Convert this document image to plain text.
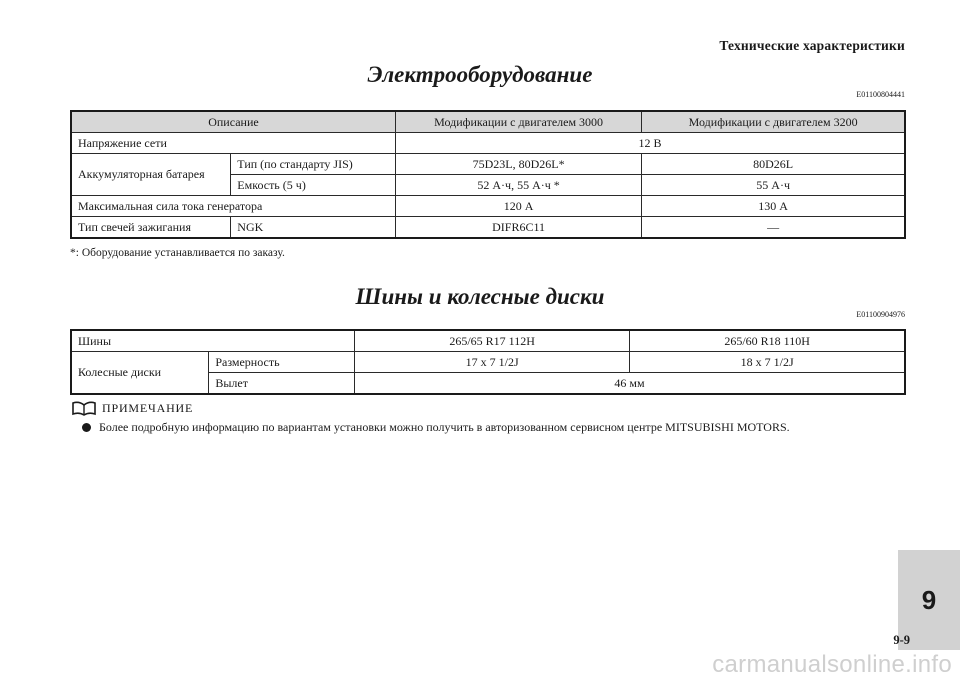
Технические характеристики
Электрооборудование
E01100804441
Описание		Модификации с двигателем 3000	Модификации с двигателем 3200
Напряжение сети		12 В	
Аккумуляторная батарея	Тип (по стандарту JIS)	75D23L, 80D26L*	80D26L
	Емкость (5 ч)	52 А·ч, 55 А·ч *	55 А·ч
Максимальная сила тока генератора		120 А	130 А
Тип свечей зажигания	NGK	DIFR6C11	—
*: Оборудование устанавливается по заказу.
Шины и колесные диски
E01100904976
Шины		265/65 R17 112H	265/60 R18 110H
Колесные диски	Размерность	17 x 7 1/2J	18 x 7 1/2J
	Вылет	46 мм	
ПРИМЕЧАНИЕ
Более подробную информацию по вариантам установки можно получить в авторизованном сервисном центре MITSUBISHI MOTORS.
9
9-9
carmanualsonline.info
